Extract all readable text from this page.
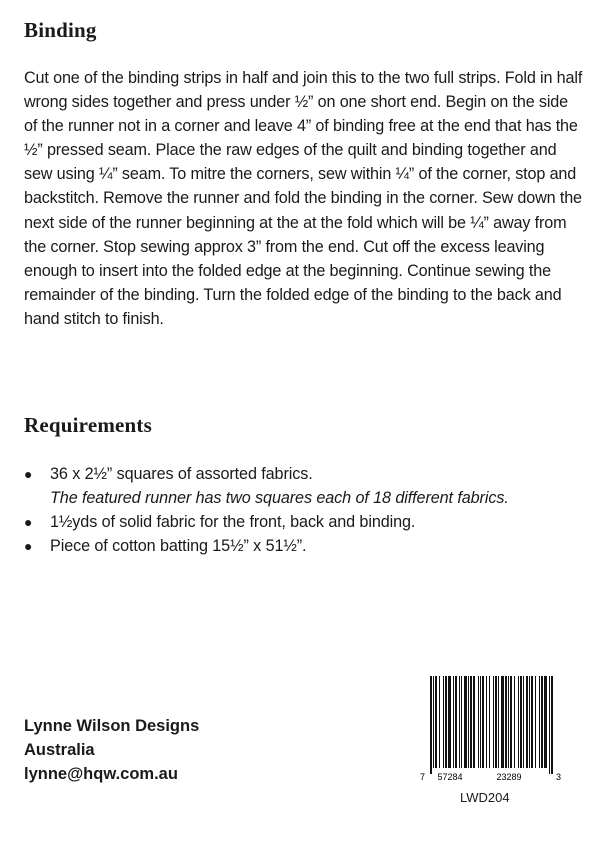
Binding

Cut one of the binding strips in half and join this to the two full strips. Fold in half wrong sides together and press under ½” on one short end. Begin on the side of the runner not in a corner and leave 4” of binding free at the end that has the ½” pressed seam. Place the raw edges of the quilt and binding together and sew using ¼” seam. To mitre the corners, sew within ¼” of the corner, stop and backstitch. Remove the runner and fold the binding in the corner. Sew down the next side of the runner beginning at the at the fold which will be ¼” away from the corner. Stop sewing approx 3” from the end. Cut off the excess leaving enough to insert into the folded edge at the beginning. Continue sewing the remainder of the binding. Turn the folded edge of the binding to the back and hand stitch to finish.

Requirements
● 36 x 2½” squares of assorted fabrics.
The featured runner has two squares each of 18 different fabrics.
● 1½yds of solid fabric for the front, back and binding.
● Piece of cotton batting 15½” x 51½”.
Lynne Wilson Designs
Australia
lynne@hqw.com.au	7 57284	23289	3
LWD204
